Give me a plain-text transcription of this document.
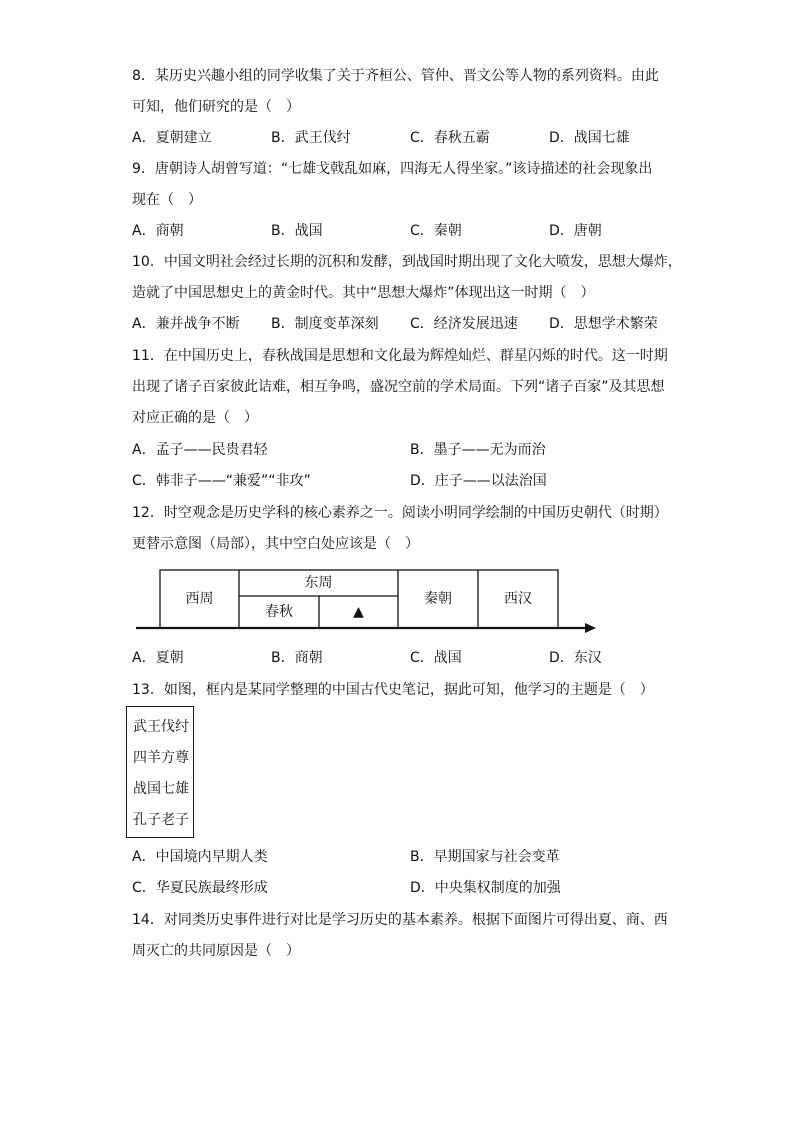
8．某历史兴趣小组的同学收集了关于齐桓公、管仲、晋文公等人物的系列资料。由此
可知，他们研究的是（　）
A．夏朝建立	B．武王伐纣	C．春秋五霸	D．战国七雄
9．唐朝诗人胡曾写道：“七雄戈戟乱如麻，四海无人得坐家。”该诗描述的社会现象出
现在（　）
A．商朝	B．战国	C．秦朝	D．唐朝
10．中国文明社会经过长期的沉积和发酵，到战国时期出现了文化大喷发，思想大爆炸，
造就了中国思想史上的黄金时代。其中“思想大爆炸”体现出这一时期（　）
A．兼并战争不断 B．制度变革深刻 C．经济发展迅速 D．思想学术繁荣
11．在中国历史上，春秋战国是思想和文化最为辉煌灿烂、群星闪烁的时代。这一时期
出现了诸子百家彼此诘难，相互争鸣，盛况空前的学术局面。下列“诸子百家”及其思想
对应正确的是（　）
A．孟子——民贵君轻	B．墨子——无为而治
C．韩非子——“兼爱”“非攻”	D．庄子——以法治国
12．时空观念是历史学科的核心素养之一。阅读小明同学绘制的中国历史朝代（时期）
更替示意图（局部），其中空白处应该是（　）
西周
东周
春秋	▲
秦朝	西汉
A．夏朝	B．商朝	C．战国	D．东汉
13．如图，框内是某同学整理的中国古代史笔记，据此可知，他学习的主题是（　）
武王伐纣
四羊方尊
战国七雄
孔子老子
A．中国境内早期人类	B．早期国家与社会变革
C．华夏民族最终形成	D．中央集权制度的加强
14．对同类历史事件进行对比是学习历史的基本素养。根据下面图片可得出夏、商、西
周灭亡的共同原因是（　）
